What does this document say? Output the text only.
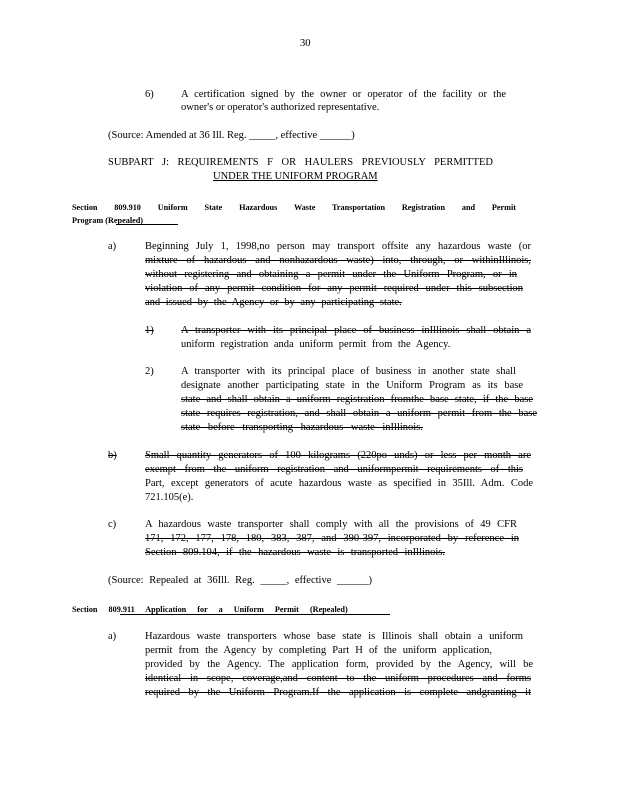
30
6)	A certification signed by the owner or operator of the facility or the
owner's or operator's authorized representative.
(Source: Amended at 36 Ill. Reg. _____, effective ______)
SUBPART J: REQUIREMENTS F OR HAULERS PREVIOUSLY PERMITTED
UNDER THE UNIFORM PROGRAM
Section 809.910 Uniform State Hazardous Waste Transportation Registration and Permit
Program (Repealed)
a)	Beginning July 1, 1998,no person may transport offsite any hazardous waste (or
mixture of hazardous and nonhazardous waste) into, through, or withinIllinois,
without registering and obtaining a permit under the Uniform Program, or in
violation of any permit condition for any permit required under this subsection
and issued by the Agency or by any participating state.
1)	A transporter with its principal place of business inIllinois shall obtain a
uniform registration anda uniform permit from the Agency.
2)	A transporter with its principal place of business in another state shall
designate another participating state in the Uniform Program as its base
state and shall obtain a uniform registration fromthe base state, if the base
state requires registration, and shall obtain a uniform permit from the base
state before transporting hazardous waste inIllinois.
b)	Small quantity generators of 100 kilograms (220po unds) or less per month are
exempt from the uniform registration and uniformpermit requirements of this
Part, except generators of acute hazardous waste as specified in 35Ill. Adm. Code
721.105(e).
c)	A hazardous waste transporter shall comply with all the provisions of 49 CFR
171, 172, 177, 178, 180, 383, 387, and 390-397, incorporated by reference in
Section 809.104, if the hazardous waste is transported inIllinois.
(Source: Repealed at 36Ill. Reg. _____, effective ______)
Section 809.911 Application for a Uniform Permit (Repealed)
a)	Hazardous waste transporters whose base state is Illinois shall obtain a uniform
permit from the Agency by completing Part H of the uniform application,
provided by the Agency. The application form, provided by the Agency, will be
identical in scope, coverage,and content to the uniform procedures and forms
required by the Uniform Program.If the application is complete andgranting it
